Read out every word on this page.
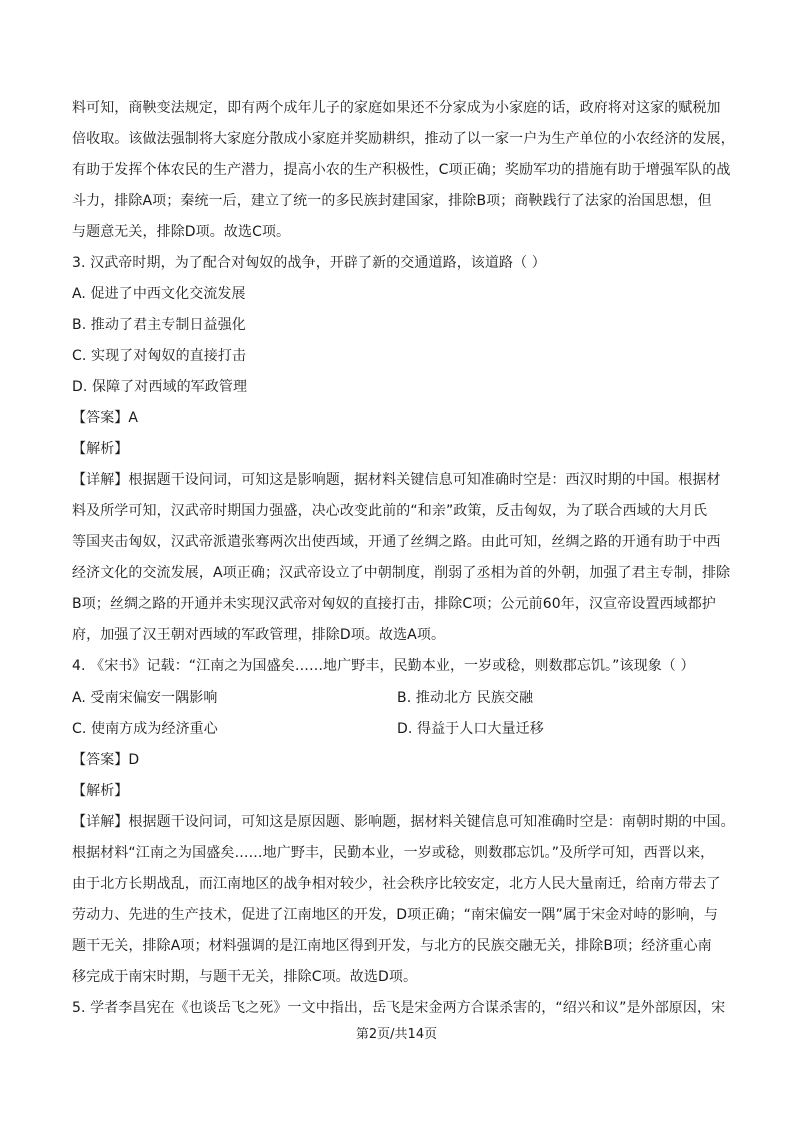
料可知，商鞅变法规定，即有两个成年儿子的家庭如果还不分家成为小家庭的话，政府将对这家的赋税加
倍收取。该做法强制将大家庭分散成小家庭并奖励耕织，推动了以一家一户为生产单位的小农经济的发展，
有助于发挥个体农民的生产潜力，提高小农的生产积极性，C项正确；奖励军功的措施有助于增强军队的战
斗力，排除A项；秦统一后，建立了统一的多民族封建国家，排除B项；商鞅践行了法家的治国思想，但
与题意无关，排除D项。故选C项。
3. 汉武帝时期，为了配合对匈奴的战争，开辟了新的交通道路，该道路（ ）
A. 促进了中西文化交流发展
B. 推动了君主专制日益强化
C. 实现了对匈奴的直接打击
D. 保障了对西域的军政管理
【答案】A
【解析】
【详解】根据题干设问词，可知这是影响题，据材料关键信息可知准确时空是：西汉时期的中国。根据材
料及所学可知，汉武帝时期国力强盛，决心改变此前的“和亲”政策，反击匈奴，为了联合西域的大月氏
等国夹击匈奴，汉武帝派遣张骞两次出使西域，开通了丝绸之路。由此可知，丝绸之路的开通有助于中西
经济文化的交流发展，A项正确；汉武帝设立了中朝制度，削弱了丞相为首的外朝，加强了君主专制，排除
B项；丝绸之路的开通并未实现汉武帝对匈奴的直接打击，排除C项；公元前60年，汉宣帝设置西域都护
府，加强了汉王朝对西域的军政管理，排除D项。故选A项。
4. 《宋书》记载：“江南之为国盛矣……地广野丰，民勤本业，一岁或稔，则数郡忘饥。”该现象（ ）
A. 受南宋偏安一隅影响	B. 推动北方 民族交融
C. 使南方成为经济重心	D. 得益于人口大量迁移
【答案】D
【解析】
【详解】根据题干设问词，可知这是原因题、影响题，据材料关键信息可知准确时空是：南朝时期的中国。
根据材料“江南之为国盛矣……地广野丰，民勤本业，一岁或稔，则数郡忘饥。”及所学可知，西晋以来，
由于北方长期战乱，而江南地区的战争相对较少，社会秩序比较安定，北方人民大量南迁，给南方带去了
劳动力、先进的生产技术，促进了江南地区的开发，D项正确；“南宋偏安一隅”属于宋金对峙的影响，与
题干无关，排除A项；材料强调的是江南地区得到开发，与北方的民族交融无关，排除B项；经济重心南
移完成于南宋时期，与题干无关，排除C项。故选D项。
5. 学者李昌宪在《也谈岳飞之死》一文中指出，岳飞是宋金两方合谋杀害的，“绍兴和议”是外部原因，宋
第2页/共14页
